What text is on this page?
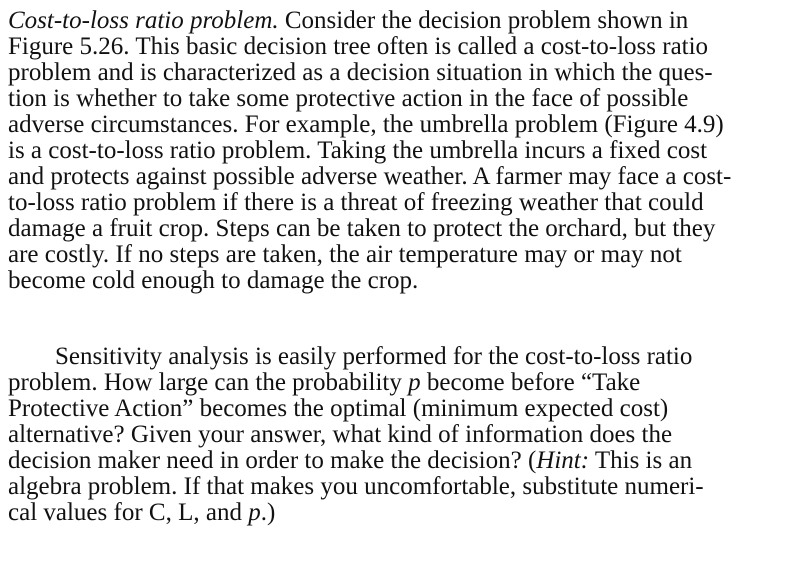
Cost-to-loss ratio problem. Consider the decision problem shown in
Figure 5.26. This basic decision tree often is called a cost-to-loss ratio
problem and is characterized as a decision situation in which the ques-
tion is whether to take some protective action in the face of possible
adverse circumstances. For example, the umbrella problem (Figure 4.9)
is a cost-to-loss ratio problem. Taking the umbrella incurs a fixed cost
and protects against possible adverse weather. A farmer may face a cost-
to-loss ratio problem if there is a threat of freezing weather that could
damage a fruit crop. Steps can be taken to protect the orchard, but they
are costly. If no steps are taken, the air temperature may or may not
become cold enough to damage the crop.
Sensitivity analysis is easily performed for the cost-to-loss ratio
problem. How large can the probability p become before “Take
Protective Action” becomes the optimal (minimum expected cost)
alternative? Given your answer, what kind of information does the
decision maker need in order to make the decision? (Hint: This is an
algebra problem. If that makes you uncomfortable, substitute numeri-
cal values for C, L, and p.)
